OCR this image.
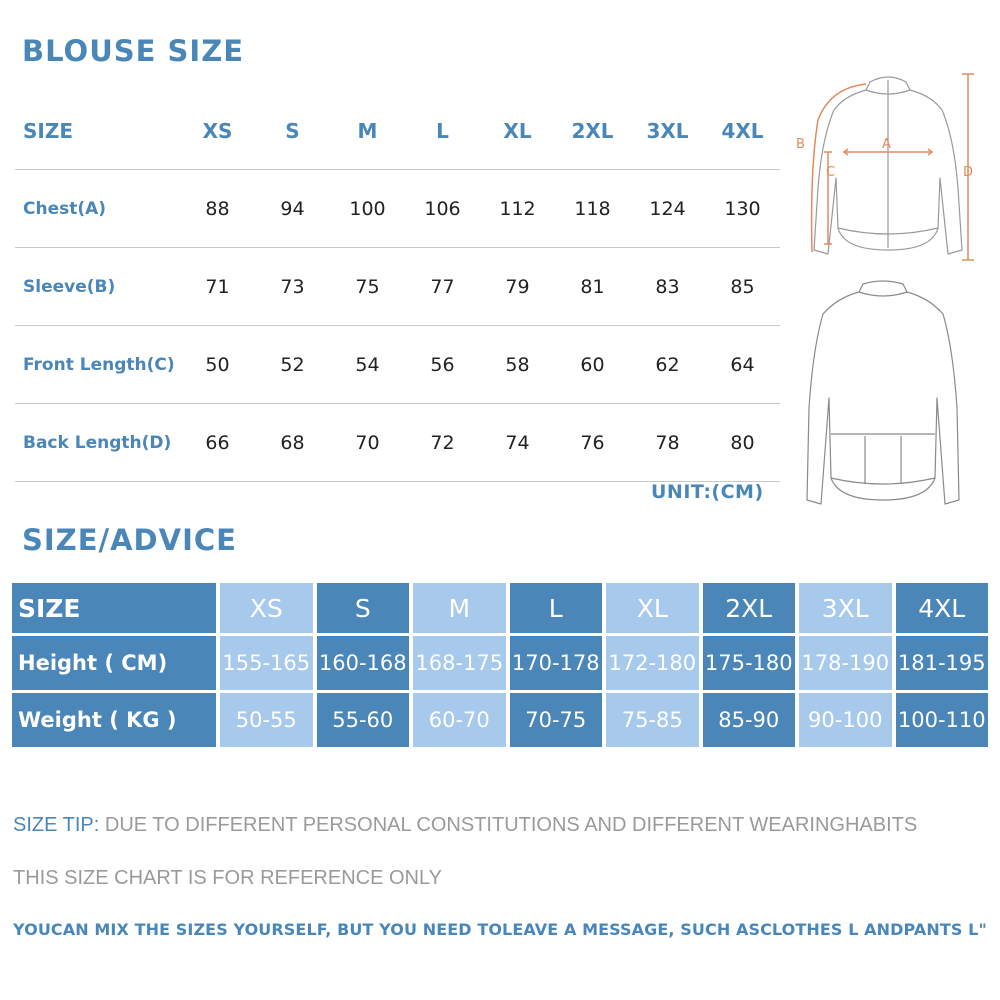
BLOUSE SIZE
SIZE	XS	S	M	L	XL	2XL	3XL	4XL
Chest(A)	88	94	100	106	112	118	124	130
Sleeve(B)	71	73	75	77	79	81	83	85
Front Length(C)	50	52	54	56	58	60	62	64
Back Length(D)	66	68	70	72	74	76	78	80
UNIT:(CM)
A
B
C	D
SIZE/ADVICE
SIZE	XS	S	M	L	XL	2XL	3XL	4XL
Height ( CM)	155-165	160-168	168-175	170-178	172-180	175-180	178-190	181-195
Weight ( KG )	50-55	55-60	60-70	70-75	75-85	85-90	90-100	100-110

SIZE TIP: DUE TO DIFFERENT PERSONAL CONSTITUTIONS AND DIFFERENT WEARINGHABITS

THIS SIZE CHART IS FOR REFERENCE ONLY

YOUCAN MIX THE SIZES YOURSELF, BUT YOU NEED TOLEAVE A MESSAGE, SUCH ASCLOTHES L ANDPANTS L"
